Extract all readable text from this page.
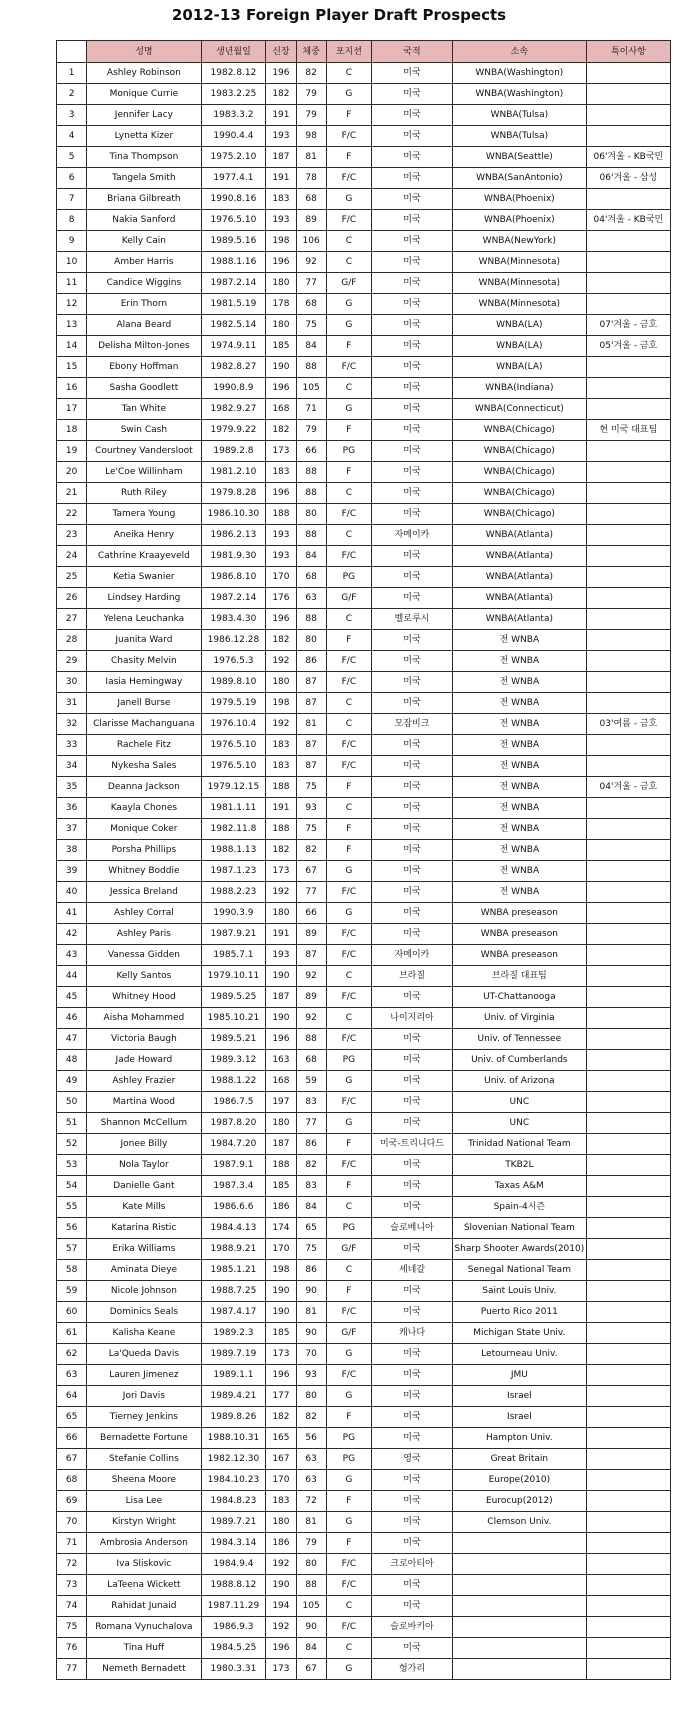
2012-13 Foreign Player Draft Prospects
	성명	생년월일	신장	체중	포지션	국적	소속	특이사항
1	Ashley Robinson	1982.8.12	196	82	C	미국	WNBA(Washington)	
2	Monique Currie	1983.2.25	182	79	G	미국	WNBA(Washington)	
3	Jennifer Lacy	1983.3.2	191	79	F	미국	WNBA(Tulsa)	
4	Lynetta Kizer	1990.4.4	193	98	F/C	미국	WNBA(Tulsa)	
5	Tina Thompson	1975.2.10	187	81	F	미국	WNBA(Seattle)	06'겨울 - KB국민
6	Tangela Smith	1977.4.1	191	78	F/C	미국	WNBA(SanAntonio)	06'겨울 - 삼성
7	Briana Gilbreath	1990.8.16	183	68	G	미국	WNBA(Phoenix)	
8	Nakia Sanford	1976.5.10	193	89	F/C	미국	WNBA(Phoenix)	04'겨울 - KB국민
9	Kelly Cain	1989.5.16	198	106	C	미국	WNBA(NewYork)	
10	Amber Harris	1988.1.16	196	92	C	미국	WNBA(Minnesota)	
11	Candice Wiggins	1987.2.14	180	77	G/F	미국	WNBA(Minnesota)	
12	Erin Thorn	1981.5.19	178	68	G	미국	WNBA(Minnesota)	
13	Alana Beard	1982.5.14	180	75	G	미국	WNBA(LA)	07'겨울 - 금호
14	Delisha Milton-Jones	1974.9.11	185	84	F	미국	WNBA(LA)	05'겨울 - 금호
15	Ebony Hoffman	1982.8.27	190	88	F/C	미국	WNBA(LA)	
16	Sasha Goodlett	1990.8.9	196	105	C	미국	WNBA(Indiana)	
17	Tan White	1982.9.27	168	71	G	미국	WNBA(Connecticut)	
18	Swin Cash	1979.9.22	182	79	F	미국	WNBA(Chicago)	현 미국 대표팀
19	Courtney Vandersloot	1989.2.8	173	66	PG	미국	WNBA(Chicago)	
20	Le'Coe Willinham	1981.2.10	183	88	F	미국	WNBA(Chicago)	
21	Ruth Riley	1979.8.28	196	88	C	미국	WNBA(Chicago)	
22	Tamera Young	1986.10.30	188	80	F/C	미국	WNBA(Chicago)	
23	Aneika Henry	1986.2.13	193	88	C	자메이카	WNBA(Atlanta)	
24	Cathrine Kraayeveld	1981.9.30	193	84	F/C	미국	WNBA(Atlanta)	
25	Ketia Swanier	1986.8.10	170	68	PG	미국	WNBA(Atlanta)	
26	Lindsey Harding	1987.2.14	176	63	G/F	미국	WNBA(Atlanta)	
27	Yelena Leuchanka	1983.4.30	196	88	C	벨로루시	WNBA(Atlanta)	
28	Juanita Ward	1986.12.28	182	80	F	미국	전 WNBA	
29	Chasity Melvin	1976.5.3	192	86	F/C	미국	전 WNBA	
30	Iasia Hemingway	1989.8.10	180	87	F/C	미국	전 WNBA	
31	Janell Burse	1979.5.19	198	87	C	미국	전 WNBA	
32	Clarisse Machanguana	1976.10.4	192	81	C	모잠비크	전 WNBA	03'여름 - 금호
33	Rachele Fitz	1976.5.10	183	87	F/C	미국	전 WNBA	
34	Nykesha Sales	1976.5.10	183	87	F/C	미국	전 WNBA	
35	Deanna Jackson	1979.12.15	188	75	F	미국	전 WNBA	04'겨울 - 금호
36	Kaayla Chones	1981.1.11	191	93	C	미국	전 WNBA	
37	Monique Coker	1982.11.8	188	75	F	미국	전 WNBA	
38	Porsha Phillips	1988.1.13	182	82	F	미국	전 WNBA	
39	Whitney Boddie	1987.1.23	173	67	G	미국	전 WNBA	
40	Jessica Breland	1988.2.23	192	77	F/C	미국	전 WNBA	
41	Ashley Corral	1990.3.9	180	66	G	미국	WNBA preseason	
42	Ashley Paris	1987.9.21	191	89	F/C	미국	WNBA preseason	
43	Vanessa Gidden	1985.7.1	193	87	F/C	자메이카	WNBA preseason	
44	Kelly Santos	1979.10.11	190	92	C	브라질	브라질 대표팀	
45	Whitney Hood	1989.5.25	187	89	F/C	미국	UT-Chattanooga	
46	Aisha Mohammed	1985.10.21	190	92	C	나이지리아	Univ. of Virginia	
47	Victoria Baugh	1989.5.21	196	88	F/C	미국	Univ. of Tennessee	
48	Jade Howard	1989.3.12	163	68	PG	미국	Univ. of Cumberlands	
49	Ashley Frazier	1988.1.22	168	59	G	미국	Univ. of Arizona	
50	Martina Wood	1986.7.5	197	83	F/C	미국	UNC	
51	Shannon McCellum	1987.8.20	180	77	G	미국	UNC	
52	Jonee Billy	1984.7.20	187	86	F	미국-트리니다드	Trinidad National Team	
53	Nola Taylor	1987.9.1	188	82	F/C	미국	TKB2L	
54	Danielle Gant	1987.3.4	185	83	F	미국	Taxas A&M	
55	Kate Mills	1986.6.6	186	84	C	미국	Spain-4시즌	
56	Katarina Ristic	1984.4.13	174	65	PG	슬로베니아	Slovenian National Team	
57	Erika Williams	1988.9.21	170	75	G/F	미국	Sharp Shooter Awards(2010)	
58	Aminata Dieye	1985.1.21	198	86	C	세네갈	Senegal National Team	
59	Nicole Johnson	1988.7.25	190	90	F	미국	Saint Louis Univ.	
60	Dominics Seals	1987.4.17	190	81	F/C	미국	Puerto Rico 2011	
61	Kalisha Keane	1989.2.3	185	90	G/F	캐나다	Michigan State Univ.	
62	La'Queda Davis	1989.7.19	173	70	G	미국	Letourneau Univ.	
63	Lauren Jimenez	1989.1.1	196	93	F/C	미국	JMU	
64	Jori Davis	1989.4.21	177	80	G	미국	Israel	
65	Tierney Jenkins	1989.8.26	182	82	F	미국	Israel	
66	Bernadette Fortune	1988.10.31	165	56	PG	미국	Hampton Univ.	
67	Stefanie Collins	1982.12.30	167	63	PG	영국	Great Britain	
68	Sheena Moore	1984.10.23	170	63	G	미국	Europe(2010)	
69	Lisa Lee	1984.8.23	183	72	F	미국	Eurocup(2012)	
70	Kirstyn Wright	1989.7.21	180	81	G	미국	Clemson Univ.	
71	Ambrosia Anderson	1984.3.14	186	79	F	미국		
72	Iva Sliskovic	1984.9.4	192	80	F/C	크로아티아		
73	LaTeena Wickett	1988.8.12	190	88	F/C	미국		
74	Rahidat Junaid	1987.11.29	194	105	C	미국		
75	Romana Vynuchalova	1986.9.3	192	90	F/C	슬로바키아		
76	Tina Huff	1984.5.25	196	84	C	미국		
77	Nemeth Bernadett	1980.3.31	173	67	G	헝가리		
